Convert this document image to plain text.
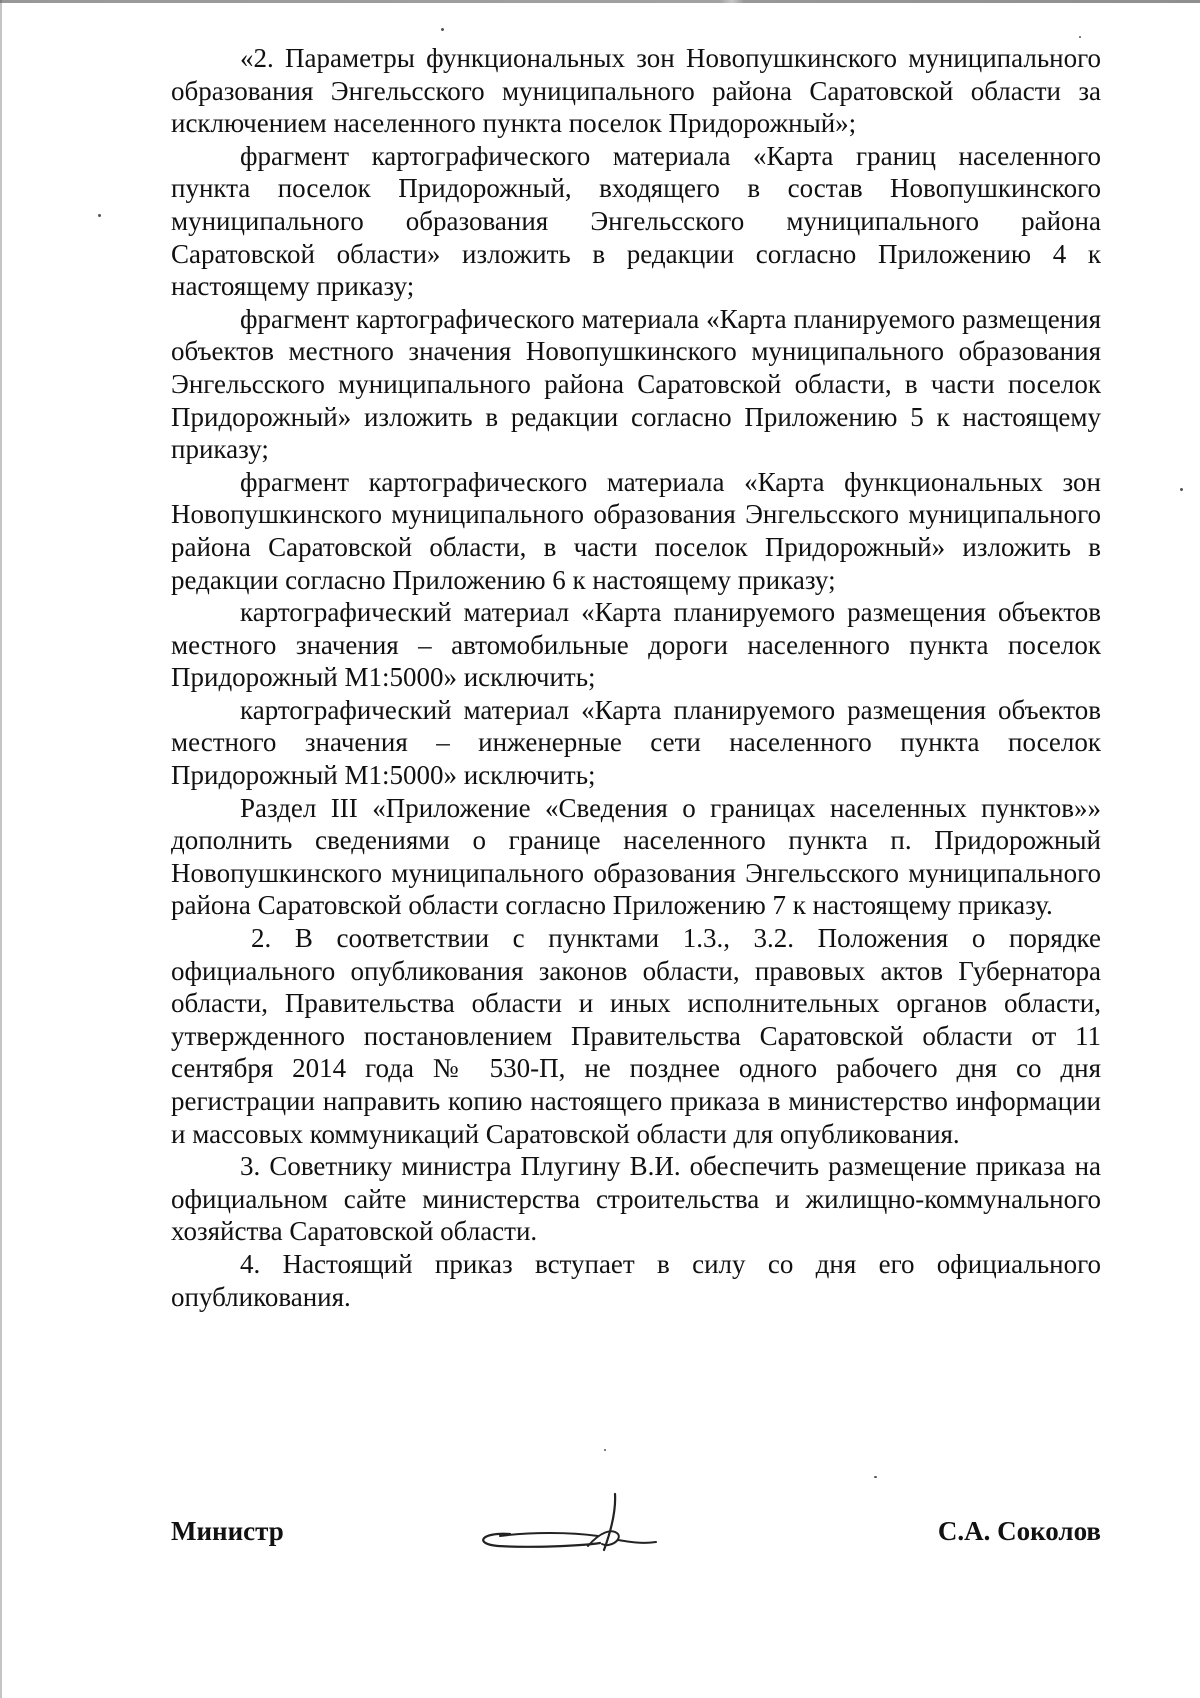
«2. Параметры функциональных зон Новопушкинского муниципального образования Энгельсского муниципального района Саратовской области за исключением населенного пункта поселок Придорожный»;

фрагмент картографического материала «Карта границ населенного пункта поселок Придорожный, входящего в состав Новопушкинского муниципального образования Энгельсского муниципального района Саратовской области» изложить в редакции согласно Приложению 4 к настоящему приказу;

фрагмент картографического материала «Карта планируемого размещения объектов местного значения Новопушкинского муниципального образования Энгельсского муниципального района Саратовской области, в части поселок Придорожный» изложить в редакции согласно Приложению 5 к настоящему приказу;

фрагмент картографического материала «Карта функциональных зон Новопушкинского муниципального образования Энгельсского муниципального района Саратовской области, в части поселок Придорожный» изложить в редакции согласно Приложению 6 к настоящему приказу;

картографический материал «Карта планируемого размещения объектов местного значения – автомобильные дороги населенного пункта поселок Придорожный М1:5000» исключить;

картографический материал «Карта планируемого размещения объектов местного значения – инженерные сети населенного пункта поселок Придорожный М1:5000» исключить;

Раздел III «Приложение «Сведения о границах населенных пунктов»» дополнить сведениями о границе населенного пункта п. Придорожный Новопушкинского муниципального образования Энгельсского муниципального района Саратовской области согласно Приложению 7 к настоящему приказу.

2. В соответствии с пунктами 1.3., 3.2. Положения о порядке официального опубликования законов области, правовых актов Губернатора области, Правительства области и иных исполнительных органов области, утвержденного постановлением Правительства Саратовской области от 11 сентября 2014 года № 530-П, не позднее одного рабочего дня со дня регистрации направить копию настоящего приказа в министерство информации и массовых коммуникаций Саратовской области для опубликования.

3. Советнику министра Плугину В.И. обеспечить размещение приказа на официальном сайте министерства строительства и жилищно-коммунального хозяйства Саратовской области.

4. Настоящий приказ вступает в силу со дня его официального опубликования.

Министр	С.А. Соколов
